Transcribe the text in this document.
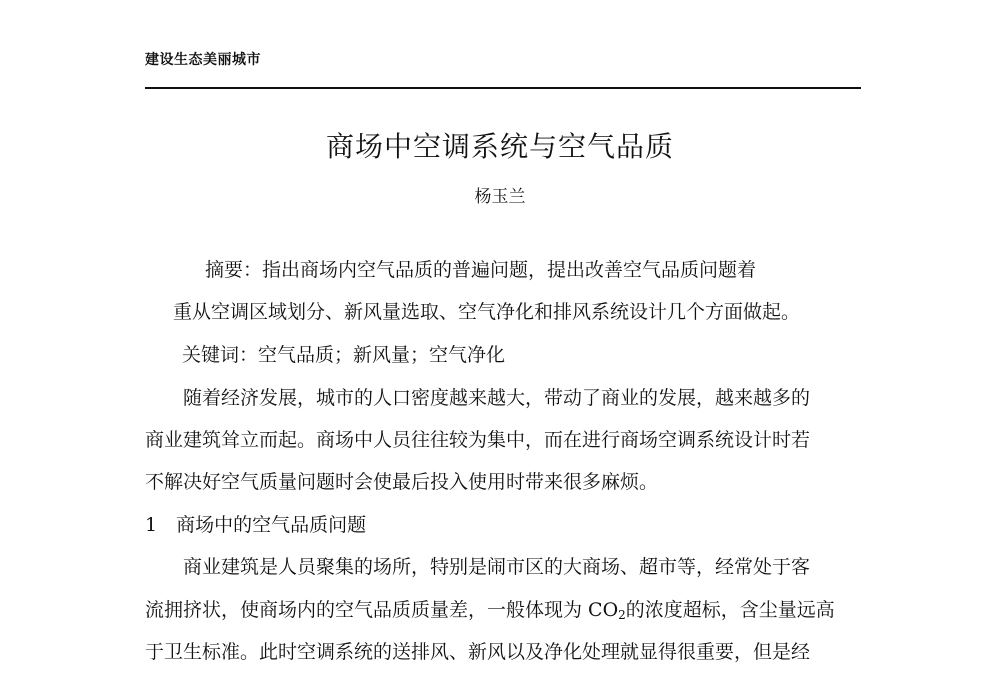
建设生态美丽城市
商场中空调系统与空气品质
杨玉兰
摘要：指出商场内空气品质的普遍问题，提出改善空气品质问题着
重从空调区域划分、新风量选取、空气净化和排风系统设计几个方面做起。
关键词：空气品质；新风量；空气净化
随着经济发展，城市的人口密度越来越大，带动了商业的发展，越来越多的
商业建筑耸立而起。商场中人员往往较为集中，而在进行商场空调系统设计时若
不解决好空气质量问题时会使最后投入使用时带来很多麻烦。
1　商场中的空气品质问题
商业建筑是人员聚集的场所，特别是闹市区的大商场、超市等，经常处于客
流拥挤状，使商场内的空气品质质量差，一般体现为 $CO_2$的浓度超标，含尘量远高
于卫生标准。此时空调系统的送排风、新风以及净化处理就显得很重要，但是经
